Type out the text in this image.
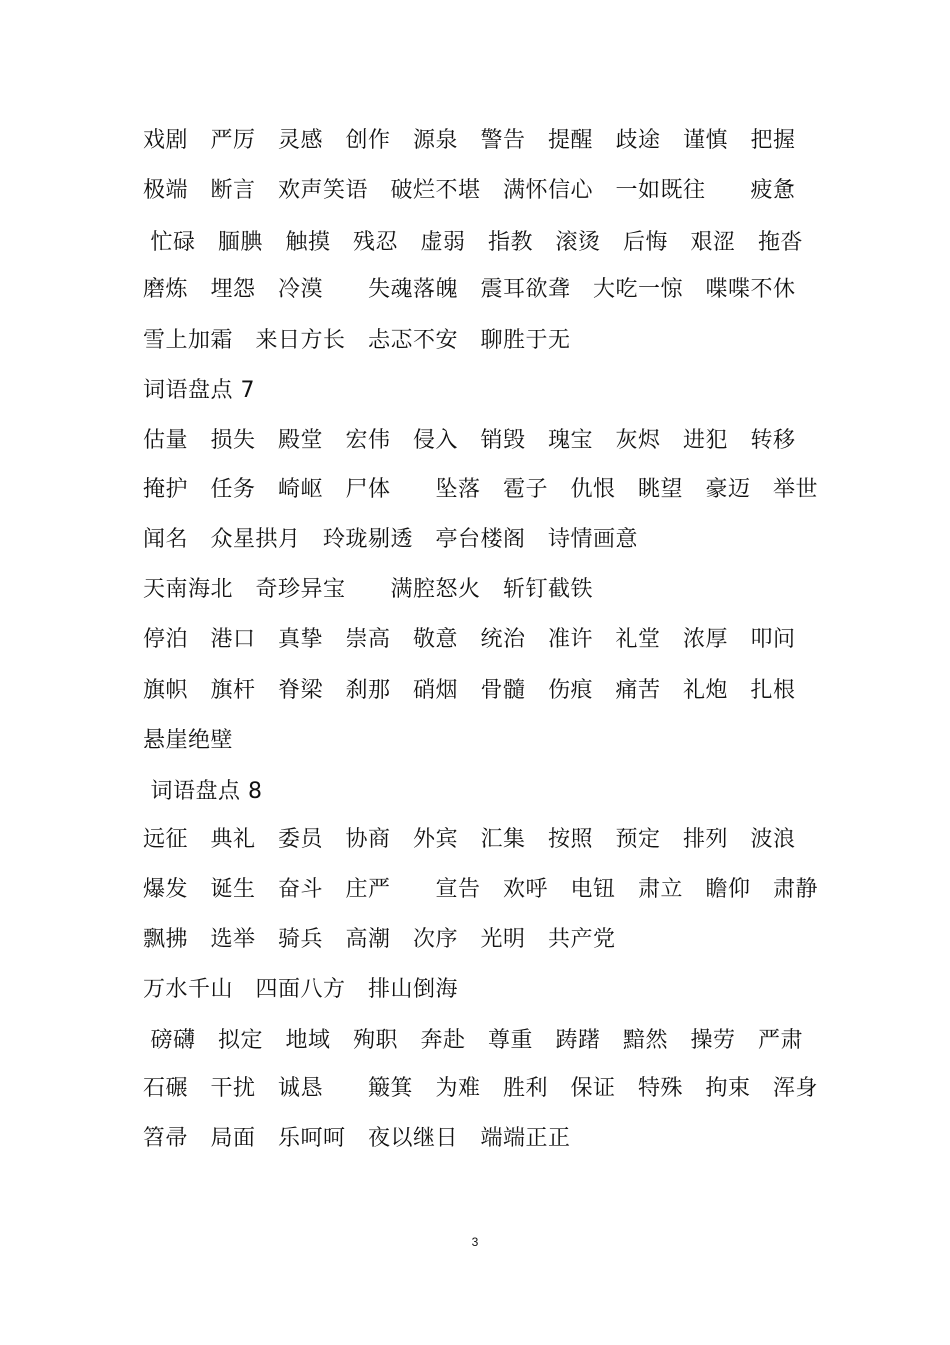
戏剧　严厉　灵感　创作　源泉　警告　提醒　歧途　谨慎　把握
极端　断言　欢声笑语　破烂不堪　满怀信心　一如既往　　疲惫
忙碌　腼腆　触摸　残忍　虚弱　指教　滚烫　后悔　艰涩　拖沓
磨炼　埋怨　冷漠　　失魂落魄　震耳欲聋　大吃一惊　喋喋不休
雪上加霜　来日方长　忐忑不安　聊胜于无
词语盘点 7
估量　损失　殿堂　宏伟　侵入　销毁　瑰宝　灰烬　进犯　转移
掩护　任务　崎岖　尸体　　坠落　雹子　仇恨　眺望　豪迈　举世
闻名　众星拱月　玲珑剔透　亭台楼阁　诗情画意
天南海北　奇珍异宝　　满腔怒火　斩钉截铁
停泊　港口　真挚　崇高　敬意　统治　准许　礼堂　浓厚　叩问
旗帜　旗杆　脊梁　刹那　硝烟　骨髓　伤痕　痛苦　礼炮　扎根
悬崖绝壁
词语盘点 8
远征　典礼　委员　协商　外宾　汇集　按照　预定　排列　波浪
爆发　诞生　奋斗　庄严　　宣告　欢呼　电钮　肃立　瞻仰　肃静
飘拂　选举　骑兵　高潮　次序　光明　共产党
万水千山　四面八方　排山倒海
磅礴　拟定　地域　殉职　奔赴　尊重　踌躇　黯然　操劳　严肃
石碾　干扰　诚恳　　簸箕　为难　胜利　保证　特殊　拘束　浑身
笤帚　局面　乐呵呵　夜以继日　端端正正
3
